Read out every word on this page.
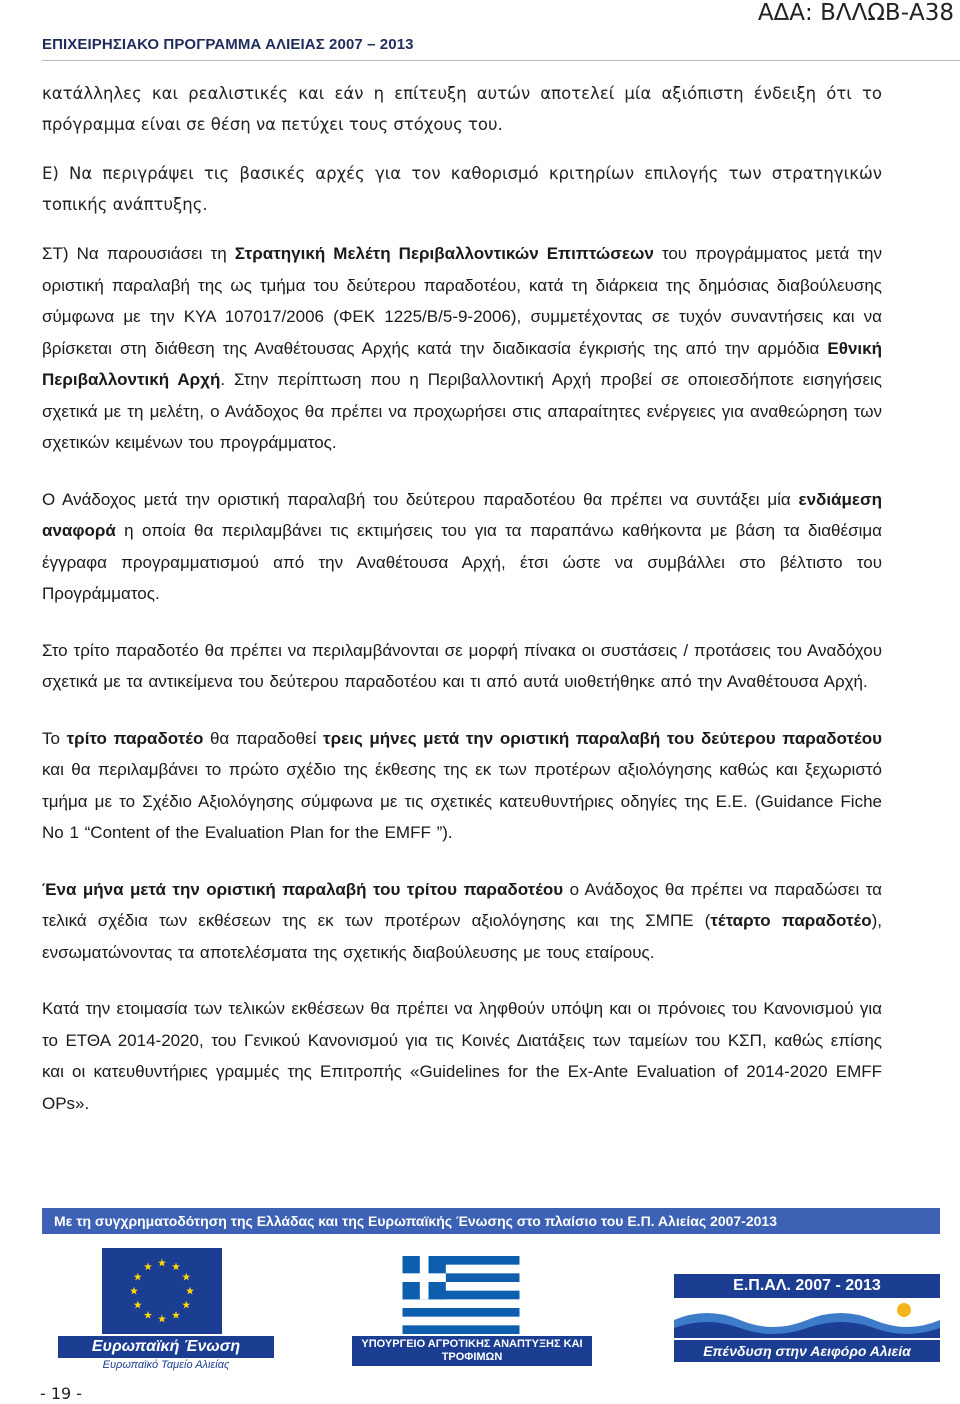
ΕΠΙΧΕΙΡΗΣΙΑΚΟ ΠΡΟΓΡΑΜΜΑ ΑΛΙΕΙΑΣ 2007 – 2013
ΑΔΑ: ΒΛΛΩΒ-Α38

κατάλληλες και ρεαλιστικές και εάν η επίτευξη αυτών αποτελεί μία αξιόπιστη ένδειξη ότι το πρόγραμμα είναι σε θέση να πετύχει τους στόχους του.

Ε) Να περιγράψει τις βασικές αρχές για τον καθορισμό κριτηρίων επιλογής των στρατηγικών τοπικής ανάπτυξης.

ΣΤ) Να παρουσιάσει τη Στρατηγική Μελέτη Περιβαλλοντικών Επιπτώσεων του προγράμματος μετά την οριστική παραλαβή της ως τμήμα του δεύτερου παραδοτέου, κατά τη διάρκεια της δημόσιας διαβούλευσης σύμφωνα με την ΚΥΑ 107017/2006 (ΦΕΚ 1225/Β/5-9-2006), συμμετέχοντας σε τυχόν συναντήσεις και να βρίσκεται στη διάθεση της Αναθέτουσας Αρχής κατά την διαδικασία έγκρισής της από την αρμόδια Εθνική Περιβαλλοντική Αρχή. Στην περίπτωση που η Περιβαλλοντική Αρχή προβεί σε οποιεσδήποτε εισηγήσεις σχετικά με τη μελέτη, ο Ανάδοχος θα πρέπει να προχωρήσει στις απαραίτητες ενέργειες για αναθεώρηση των σχετικών κειμένων του προγράμματος.

Ο Ανάδοχος μετά την οριστική παραλαβή του δεύτερου παραδοτέου θα πρέπει να συντάξει μία ενδιάμεση αναφορά η οποία θα περιλαμβάνει τις εκτιμήσεις του για τα παραπάνω καθήκοντα με βάση τα διαθέσιμα έγγραφα προγραμματισμού από την Αναθέτουσα Αρχή, έτσι ώστε να συμβάλλει στο βέλτιστο του Προγράμματος.

Στο τρίτο παραδοτέο θα πρέπει να περιλαμβάνονται σε μορφή πίνακα οι συστάσεις / προτάσεις του Αναδόχου σχετικά με τα αντικείμενα του δεύτερου παραδοτέου και τι από αυτά υιοθετήθηκε από την Αναθέτουσα Αρχή.

Το τρίτο παραδοτέο θα παραδοθεί τρεις μήνες μετά την οριστική παραλαβή του δεύτερου παραδοτέου και θα περιλαμβάνει το πρώτο σχέδιο της έκθεσης της εκ των προτέρων αξιολόγησης καθώς και ξεχωριστό τμήμα με το Σχέδιο Αξιολόγησης σύμφωνα με τις σχετικές κατευθυντήριες οδηγίες της Ε.Ε. (Guidance Fiche No 1 “Content of the Evaluation Plan for the EMFF ”).

Ένα μήνα μετά την οριστική παραλαβή του τρίτου παραδοτέου ο Ανάδοχος θα πρέπει να παραδώσει τα τελικά σχέδια των εκθέσεων της εκ των προτέρων αξιολόγησης και της ΣΜΠΕ (τέταρτο παραδοτέο), ενσωματώνοντας τα αποτελέσματα της σχετικής διαβούλευσης με τους εταίρους.

Κατά την ετοιμασία των τελικών εκθέσεων θα πρέπει να ληφθούν υπόψη και οι πρόνοιες του Κανονισμού για το ΕΤΘΑ 2014-2020, του Γενικού Κανονισμού για τις Κοινές Διατάξεις των ταμείων του ΚΣΠ, καθώς επίσης και οι κατευθυντήριες γραμμές της Επιτροπής «Guidelines for the Ex-Ante Evaluation of 2014-2020 EMFF OPs».

Με τη συγχρηματοδότηση της Ελλάδας και της Ευρωπαϊκής Ένωσης στο πλαίσιο του Ε.Π. Αλιείας 2007-2013
Ευρωπαϊκή Ένωση
Ευρωπαϊκό Ταμείο Αλιείας
ΥΠΟΥΡΓΕΙΟ ΑΓΡΟΤΙΚΗΣ ΑΝΑΠΤΥΞΗΣ ΚΑΙ ΤΡΟΦΙΜΩΝ
Ε.Π.ΑΛ. 2007 - 2013
Επένδυση στην Αειφόρο Αλιεία
- 19 -
